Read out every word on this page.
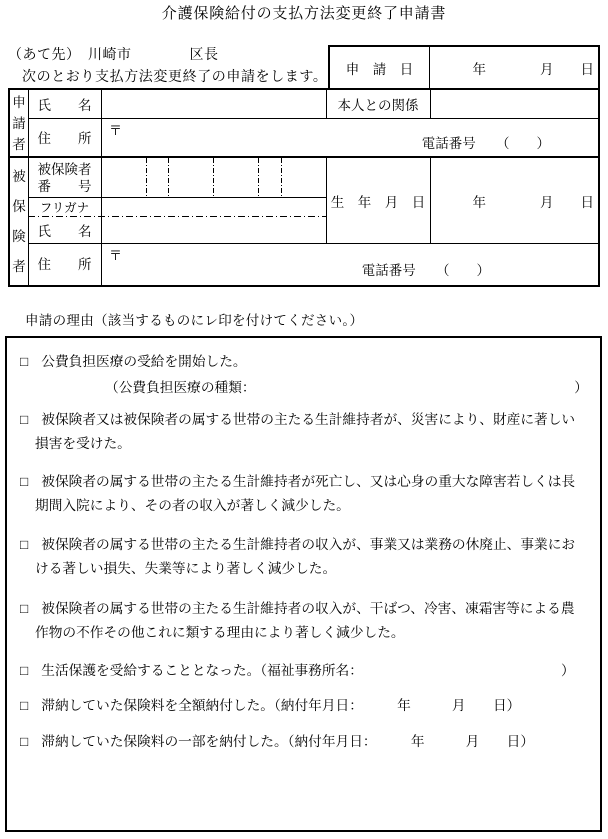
介護保険給付の支払方法変更終了申請書
（あて先）　川崎市　　　　区長
次のとおり支払方法変更終了の申請をします。
申　請　日	年　　　　月　　日
申請者
氏　　名	本人との関係
住　　所
〒
電話番号　　（　　）
被保険者
被保険者
番　　号
フリガナ
氏　　名
生　年　月　日	年　　　　月　　日
住　　所
〒
電話番号　　（　　）
申請の理由（該当するものにレ印を付けてください。）
□ 公費負担医療の受給を開始した。
（公費負担医療の種類：	）
□ 被保険者又は被保険者の属する世帯の主たる生計維持者が、災害により、財産に著しい損害を受けた。
□ 被保険者の属する世帯の主たる生計維持者が死亡し、又は心身の重大な障害若しくは長期間入院により、その者の収入が著しく減少した。
□ 被保険者の属する世帯の主たる生計維持者の収入が、事業又は業務の休廃止、事業における著しい損失、失業等により著しく減少した。
□ 被保険者の属する世帯の主たる生計維持者の収入が、干ばつ、冷害、凍霜害等による農作物の不作その他これに類する理由により著しく減少した。
□ 生活保護を受給することとなった。（福祉事務所名：	）
□ 滞納していた保険料を全額納付した。（納付年月日：　　　年　　　月　　日）
□ 滞納していた保険料の一部を納付した。（納付年月日：　　　年　　　月　　日）
